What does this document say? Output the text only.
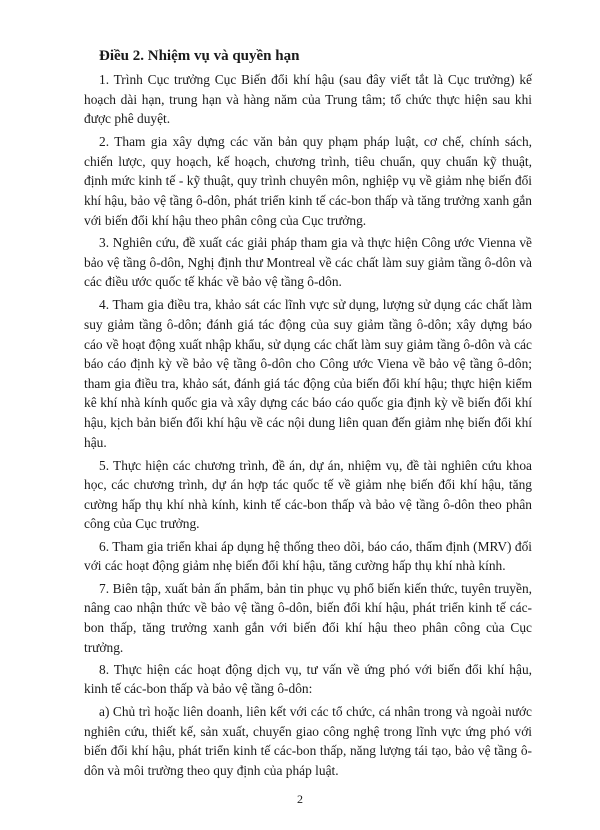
Điều 2. Nhiệm vụ và quyền hạn

1. Trình Cục trưởng Cục Biến đổi khí hậu (sau đây viết tắt là Cục trưởng) kế hoạch dài hạn, trung hạn và hàng năm của Trung tâm; tổ chức thực hiện sau khi được phê duyệt.

2. Tham gia xây dựng các văn bản quy phạm pháp luật, cơ chế, chính sách, chiến lược, quy hoạch, kế hoạch, chương trình, tiêu chuẩn, quy chuẩn kỹ thuật, định mức kinh tế - kỹ thuật, quy trình chuyên môn, nghiệp vụ về giảm nhẹ biến đổi khí hậu, bảo vệ tầng ô-dôn, phát triển kinh tế các-bon thấp và tăng trưởng xanh gắn với biến đổi khí hậu theo phân công của Cục trưởng.

3. Nghiên cứu, đề xuất các giải pháp tham gia và thực hiện Công ước Vienna về bảo vệ tầng ô-dôn, Nghị định thư Montreal về các chất làm suy giảm tầng ô-dôn và các điều ước quốc tế khác về bảo vệ tầng ô-dôn.

4. Tham gia điều tra, khảo sát các lĩnh vực sử dụng, lượng sử dụng các chất làm suy giảm tầng ô-dôn; đánh giá tác động của suy giảm tầng ô-dôn; xây dựng báo cáo về hoạt động xuất nhập khẩu, sử dụng các chất làm suy giảm tầng ô-dôn và các báo cáo định kỳ về bảo vệ tầng ô-dôn cho Công ước Viena về bảo vệ tầng ô-dôn; tham gia điều tra, khảo sát, đánh giá tác động của biến đổi khí hậu; thực hiện kiểm kê khí nhà kính quốc gia và xây dựng các báo cáo quốc gia định kỳ về biến đổi khí hậu, kịch bản biến đổi khí hậu về các nội dung liên quan đến giảm nhẹ biến đổi khí hậu.

5. Thực hiện các chương trình, đề án, dự án, nhiệm vụ, đề tài nghiên cứu khoa học, các chương trình, dự án hợp tác quốc tế về giảm nhẹ biến đổi khí hậu, tăng cường hấp thụ khí nhà kính, kinh tế các-bon thấp và bảo vệ tầng ô-dôn theo phân công của Cục trưởng.

6. Tham gia triển khai áp dụng hệ thống theo dõi, báo cáo, thẩm định (MRV) đối với các hoạt động giảm nhẹ biến đổi khí hậu, tăng cường hấp thụ khí nhà kính.

7. Biên tập, xuất bản ấn phẩm, bản tin phục vụ phổ biến kiến thức, tuyên truyền, nâng cao nhận thức về bảo vệ tầng ô-dôn, biến đổi khí hậu, phát triển kinh tế các-bon thấp, tăng trưởng xanh gắn với biến đổi khí hậu theo phân công của Cục trưởng.

8. Thực hiện các hoạt động dịch vụ, tư vấn về ứng phó với biến đổi khí hậu, kinh tế các-bon thấp và bảo vệ tầng ô-dôn:

a) Chủ trì hoặc liên doanh, liên kết với các tổ chức, cá nhân trong và ngoài nước nghiên cứu, thiết kế, sản xuất, chuyển giao công nghệ trong lĩnh vực ứng phó với biến đổi khí hậu, phát triển kinh tế các-bon thấp, năng lượng tái tạo, bảo vệ tầng ô-dôn và môi trường theo quy định của pháp luật.

2
